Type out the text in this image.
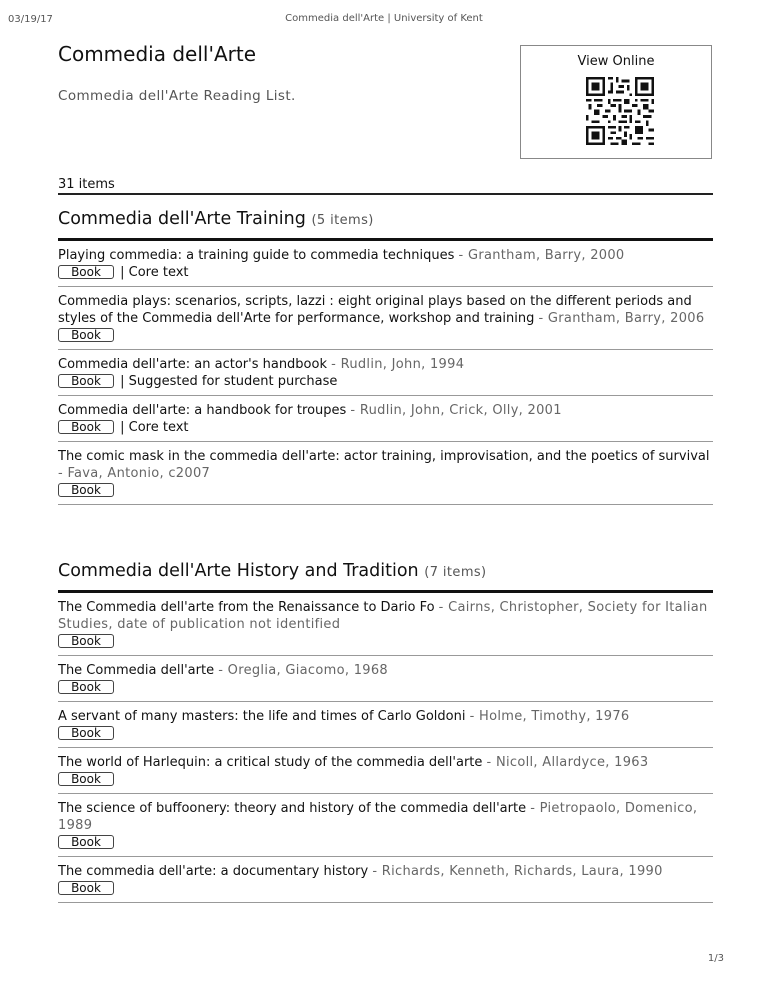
03/19/17	Commedia dell'Arte | University of Kent
Commedia dell'Arte
Commedia dell'Arte Reading List.
View Online
31 items
Commedia dell'Arte Training (5 items)
Playing commedia: a training guide to commedia techniques - Grantham, Barry, 2000
Book | Core text
Commedia plays: scenarios, scripts, lazzi : eight original plays based on the different periods and styles of the Commedia dell'Arte for performance, workshop and training - Grantham, Barry, 2006
Book
Commedia dell'arte: an actor's handbook - Rudlin, John, 1994
Book | Suggested for student purchase
Commedia dell'arte: a handbook for troupes - Rudlin, John, Crick, Olly, 2001
Book | Core text
The comic mask in the commedia dell'arte: actor training, improvisation, and the poetics of survival - Fava, Antonio, c2007
Book
Commedia dell'Arte History and Tradition (7 items)
The Commedia dell'arte from the Renaissance to Dario Fo - Cairns, Christopher, Society for Italian Studies, date of publication not identified
Book
The Commedia dell'arte - Oreglia, Giacomo, 1968
Book
A servant of many masters: the life and times of Carlo Goldoni - Holme, Timothy, 1976
Book
The world of Harlequin: a critical study of the commedia dell'arte - Nicoll, Allardyce, 1963
Book
The science of buffoonery: theory and history of the commedia dell'arte - Pietropaolo, Domenico, 1989
Book
The commedia dell'arte: a documentary history - Richards, Kenneth, Richards, Laura, 1990
Book
1/3
